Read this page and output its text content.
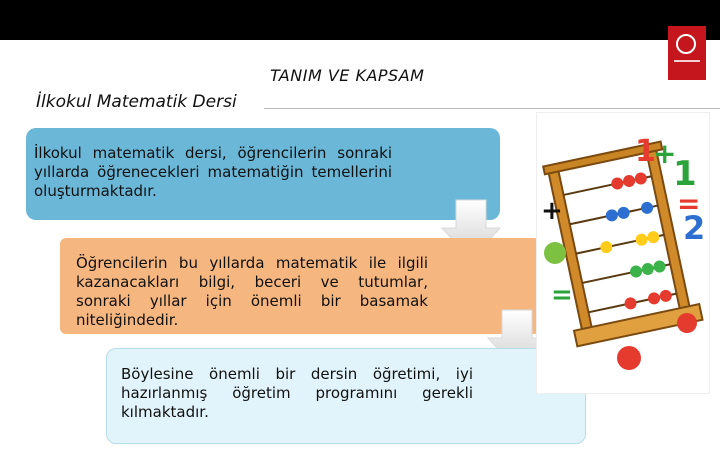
TANIM VE KAPSAM
İlkokul Matematik Dersi
İlkokul matematik dersi, öğrencilerin sonraki yıllarda öğrenecekleri matematiğin temellerini oluşturmaktadır.
Öğrencilerin bu yıllarda matematik ile ilgili kazanacakları bilgi, beceri ve tutumlar, sonraki yıllar için önemli bir basamak niteliğindedir.
Böylesine önemli bir dersin öğretimi, iyi hazırlanmış öğretim programını gerekli kılmaktadır.
1
+
1
=
2
+
=
